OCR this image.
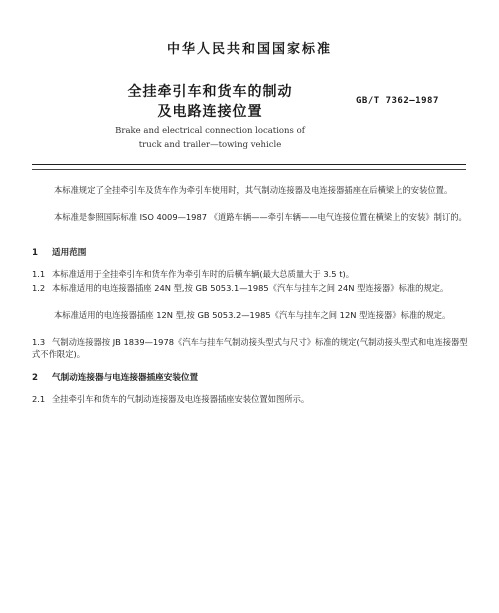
中华人民共和国国家标准
全挂牵引车和货车的制动
及电路连接位置
GB/T 7362—1987
Brake and electrical connection locations of
truck and trailer—towing vehicle
本标准规定了全挂牵引车及货车作为牵引车使用时，其气制动连接器及电连接器插座在后横梁上的安装位置。
本标准是参照国际标准 ISO 4009—1987 《道路车辆——牵引车辆——电气连接位置在横梁上的安装》制订的。
1 适用范围
1.1 本标准适用于全挂牵引车和货车作为牵引车时的后横车辆(最大总质量大于 3.5 t)。
1.2 本标准适用的电连接器插座 24N 型,按 GB 5053.1—1985《汽车与挂车之间 24N 型连接器》标准的规定。
本标准适用的电连接器插座 12N 型,按 GB 5053.2—1985《汽车与挂车之间 12N 型连接器》标准的规定。
1.3 气制动连接器按 JB 1839—1978《汽车与挂车气制动接头型式与尺寸》标准的规定(气制动接头型式和电连接器型式不作限定)。
2 气制动连接器与电连接器插座安装位置
2.1 全挂牵引车和货车的气制动连接器及电连接器插座安装位置如图所示。
